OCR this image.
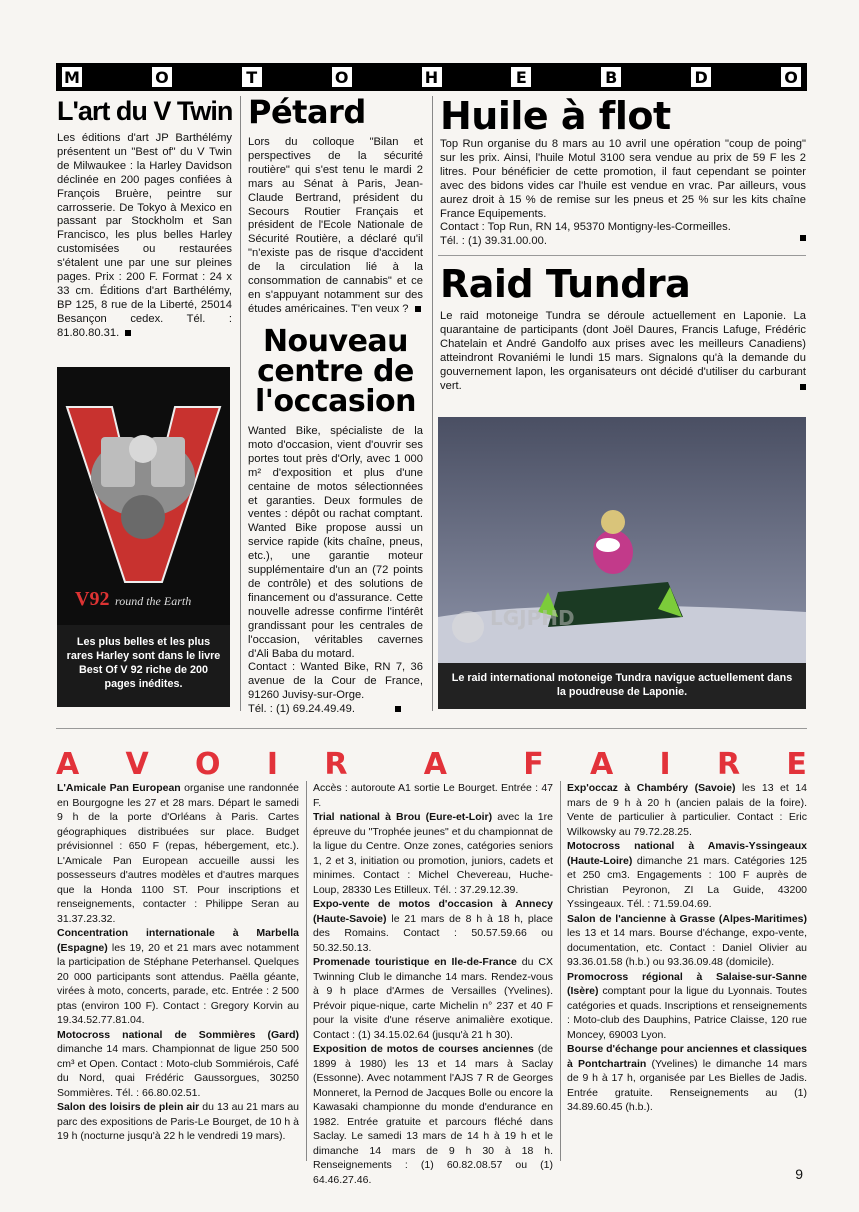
M	O	T	O	H	E	B	D	O
L'art du V Twin

Les éditions d'art JP Barthélémy présentent un "Best of" du V Twin de Milwaukee : la Harley Davidson déclinée en 200 pages confiées à François Bruère, peintre sur carrosserie. De Tokyo à Mexico en passant par Stockholm et San Francisco, les plus belles Harley customisées ou restaurées s'étalent une par une sur pleines pages. Prix : 200 F. Format : 24 x 33 cm. Éditions d'art Barthélémy, BP 125, 8 rue de la Liberté, 25014 Besançon cedex. Tél. : 81.80.80.31.

V92 round the Earth
Les plus belles et les plus rares Harley sont dans le livre Best Of V 92 riche de 200 pages inédites.
Pétard

Lors du colloque "Bilan et perspectives de la sécurité routière" qui s'est tenu le mardi 2 mars au Sénat à Paris, Jean-Claude Bertrand, président du Secours Routier Français et président de l'Ecole Nationale de Sécurité Routière, a déclaré qu'il "n'existe pas de risque d'accident de la circulation lié à la consommation de cannabis" et ce en s'appuyant notamment sur des études américaines. T'en veux ?

Nouveau
centre de
l'occasion

Wanted Bike, spécialiste de la moto d'occasion, vient d'ouvrir ses portes tout près d'Orly, avec 1 000 m² d'exposition et plus d'une centaine de motos sélectionnées et garanties. Deux formules de ventes : dépôt ou rachat comptant. Wanted Bike propose aussi un service rapide (kits chaîne, pneus, etc.), une garantie moteur supplémentaire d'un an (72 points de contrôle) et des solutions de financement ou d'assurance. Cette nouvelle adresse confirme l'intérêt grandissant pour les centrales de l'occasion, véritables cavernes d'Ali Baba du motard.

Contact : Wanted Bike, RN 7, 36 avenue de la Cour de France, 91260 Juvisy-sur-Orge.

Tél. : (1) 69.24.49.49.

Huile à flot

Top Run organise du 8 mars au 10 avril une opération "coup de poing" sur les prix. Ainsi, l'huile Motul 3100 sera vendue au prix de 59 F les 2 litres. Pour bénéficier de cette promotion, il faut cependant se pointer avec des bidons vides car l'huile est vendue en vrac. Par ailleurs, vous aurez droit à 15 % de remise sur les pneus et 25 % sur les kits chaîne France Equipements.

Contact : Top Run, RN 14, 95370 Montigny-les-Cormeilles.

Tél. : (1) 39.31.00.00.

Raid Tundra

Le raid motoneige Tundra se déroule actuellement en Laponie. La quarantaine de participants (dont Joël Daures, Francis Lafuge, Frédéric Chatelain et André Gandolfo aux prises avec les meilleurs Canadiens) atteindront Rovaniémi le lundi 15 mars. Signalons qu'à la demande du gouvernement lapon, les organisateurs ont décidé d'utiliser du carburant vert.

LGJPHD
Le raid international motoneige Tundra navigue actuellement dans la poudreuse de Laponie.
A V O I R	A	F A I R E

L'Amicale Pan European organise une randonnée en Bourgogne les 27 et 28 mars. Départ le samedi 9 h de la porte d'Orléans à Paris. Cartes géographiques distribuées sur place. Budget prévisionnel : 650 F (repas, hébergement, etc.). L'Amicale Pan European accueille aussi les possesseurs d'autres modèles et d'autres marques que la Honda 1100 ST. Pour inscriptions et renseignements, contacter : Philippe Seran au 31.37.23.32.

Concentration internationale à Marbella (Espagne) les 19, 20 et 21 mars avec notamment la participation de Stéphane Peterhansel. Quelques 20 000 participants sont attendus. Paëlla géante, virées à moto, concerts, parade, etc. Entrée : 2 500 ptas (environ 100 F). Contact : Gregory Korvin au 19.34.52.77.81.04.

Motocross national de Sommières (Gard) dimanche 14 mars. Championnat de ligue 250 500 cm³ et Open. Contact : Moto-club Sommiérois, Café du Nord, quai Frédéric Gaussorgues, 30250 Sommières. Tél. : 66.80.02.51.

Salon des loisirs de plein air du 13 au 21 mars au parc des expositions de Paris-Le Bourget, de 10 h à 19 h (nocturne jusqu'à 22 h le vendredi 19 mars).

Accès : autoroute A1 sortie Le Bourget. Entrée : 47 F.

Trial national à Brou (Eure-et-Loir) avec la 1re épreuve du "Trophée jeunes" et du championnat de la ligue du Centre. Onze zones, catégories seniors 1, 2 et 3, initiation ou promotion, juniors, cadets et minimes. Contact : Michel Chevereau, Huche-Loup, 28330 Les Etilleux. Tél. : 37.29.12.39.

Expo-vente de motos d'occasion à Annecy (Haute-Savoie) le 21 mars de 8 h à 18 h, place des Romains. Contact : 50.57.59.66 ou 50.32.50.13.

Promenade touristique en Ile-de-France du CX Twinning Club le dimanche 14 mars. Rendez-vous à 9 h place d'Armes de Versailles (Yvelines). Prévoir pique-nique, carte Michelin n° 237 et 40 F pour la visite d'une réserve animalière exotique. Contact : (1) 34.15.02.64 (jusqu'à 21 h 30).

Exposition de motos de courses anciennes (de 1899 à 1980) les 13 et 14 mars à Saclay (Essonne). Avec notamment l'AJS 7 R de Georges Monneret, la Pernod de Jacques Bolle ou encore la Kawasaki championne du monde d'endurance en 1982. Entrée gratuite et parcours fléché dans Saclay. Le samedi 13 mars de 14 h à 19 h et le dimanche 14 mars de 9 h 30 à 18 h. Renseignements : (1) 60.82.08.57 ou (1) 64.46.27.46.

Exp'occaz à Chambéry (Savoie) les 13 et 14 mars de 9 h à 20 h (ancien palais de la foire). Vente de particulier à particulier. Contact : Eric Wilkowsky au 79.72.28.25.

Motocross national à Amavis-Yssingeaux (Haute-Loire) dimanche 21 mars. Catégories 125 et 250 cm3. Engagements : 100 F auprès de Christian Peyronon, ZI La Guide, 43200 Yssingeaux. Tél. : 71.59.04.69.

Salon de l'ancienne à Grasse (Alpes-Maritimes) les 13 et 14 mars. Bourse d'échange, expo-vente, documentation, etc. Contact : Daniel Olivier au 93.36.01.58 (h.b.) ou 93.36.09.48 (domicile).

Promocross régional à Salaise-sur-Sanne (Isère) comptant pour la ligue du Lyonnais. Toutes catégories et quads. Inscriptions et renseignements : Moto-club des Dauphins, Patrice Claisse, 120 rue Moncey, 69003 Lyon.

Bourse d'échange pour anciennes et classiques à Pontchartrain (Yvelines) le dimanche 14 mars de 9 h à 17 h, organisée par Les Bielles de Jadis. Entrée gratuite. Renseignements au (1) 34.89.60.45 (h.b.).

9
